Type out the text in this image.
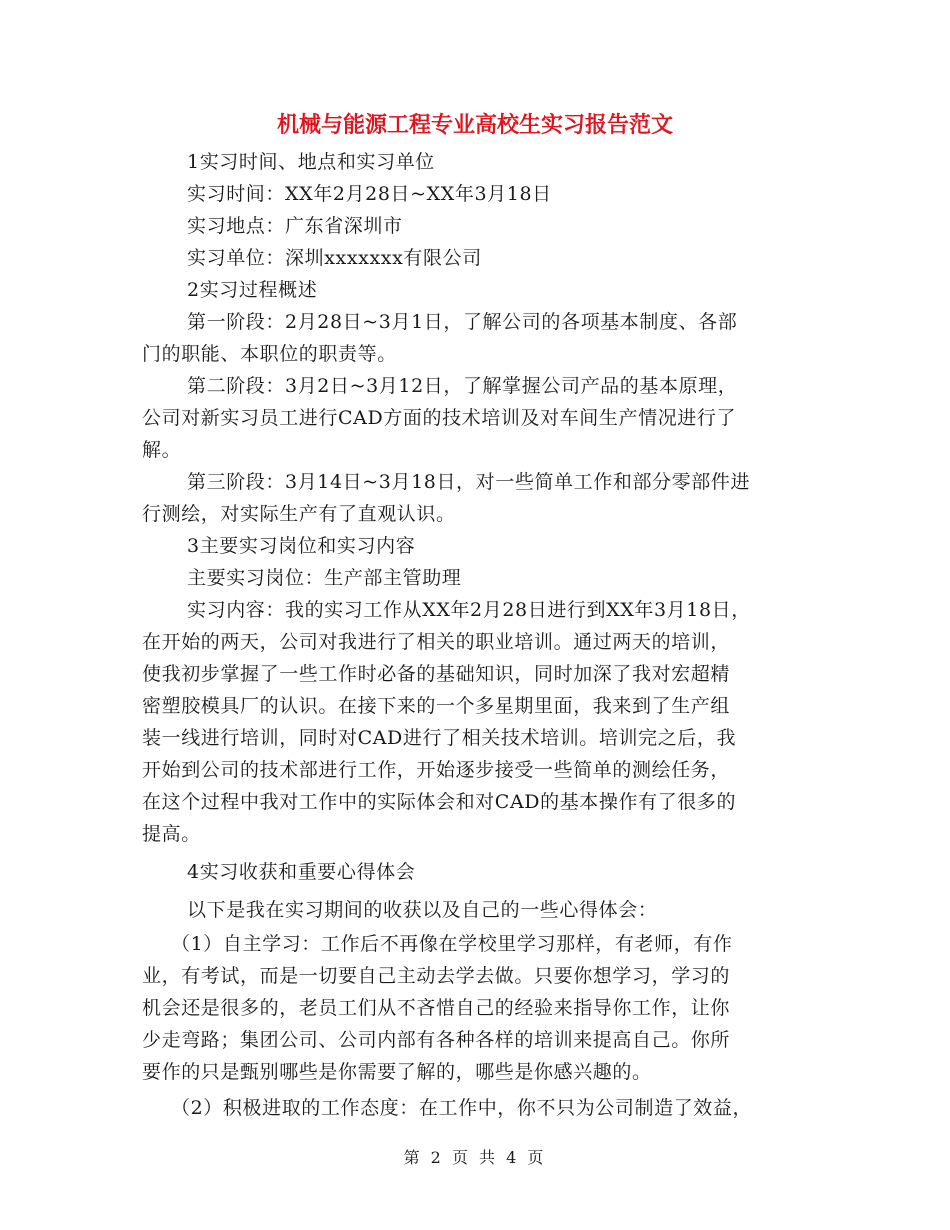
机械与能源工程专业高校生实习报告范文
1实习时间、地点和实习单位
实习时间：XX年2月28日~XX年3月18日
实习地点：广东省深圳市
实习单位：深圳xxxxxxx有限公司
2实习过程概述
第一阶段：2月28日~3月1日，了解公司的各项基本制度、各部
门的职能、本职位的职责等。
第二阶段：3月2日~3月12日，了解掌握公司产品的基本原理，
公司对新实习员工进行CAD方面的技术培训及对车间生产情况进行了
解。
第三阶段：3月14日~3月18日，对一些简单工作和部分零部件进
行测绘，对实际生产有了直观认识。
3主要实习岗位和实习内容
主要实习岗位：生产部主管助理
实习内容：我的实习工作从XX年2月28日进行到XX年3月18日，
在开始的两天，公司对我进行了相关的职业培训。通过两天的培训，
使我初步掌握了一些工作时必备的基础知识，同时加深了我对宏超精
密塑胶模具厂的认识。在接下来的一个多星期里面，我来到了生产组
装一线进行培训，同时对CAD进行了相关技术培训。培训完之后，我
开始到公司的技术部进行工作，开始逐步接受一些简单的测绘任务，
在这个过程中我对工作中的实际体会和对CAD的基本操作有了很多的
提高。
4实习收获和重要心得体会
以下是我在实习期间的收获以及自己的一些心得体会：
（1）自主学习：工作后不再像在学校里学习那样，有老师，有作
业，有考试，而是一切要自己主动去学去做。只要你想学习，学习的
机会还是很多的，老员工们从不吝惜自己的经验来指导你工作，让你
少走弯路；集团公司、公司内部有各种各样的培训来提高自己。你所
要作的只是甄别哪些是你需要了解的，哪些是你感兴趣的。
（2）积极进取的工作态度：在工作中，你不只为公司制造了效益，
第 2 页 共 4 页
